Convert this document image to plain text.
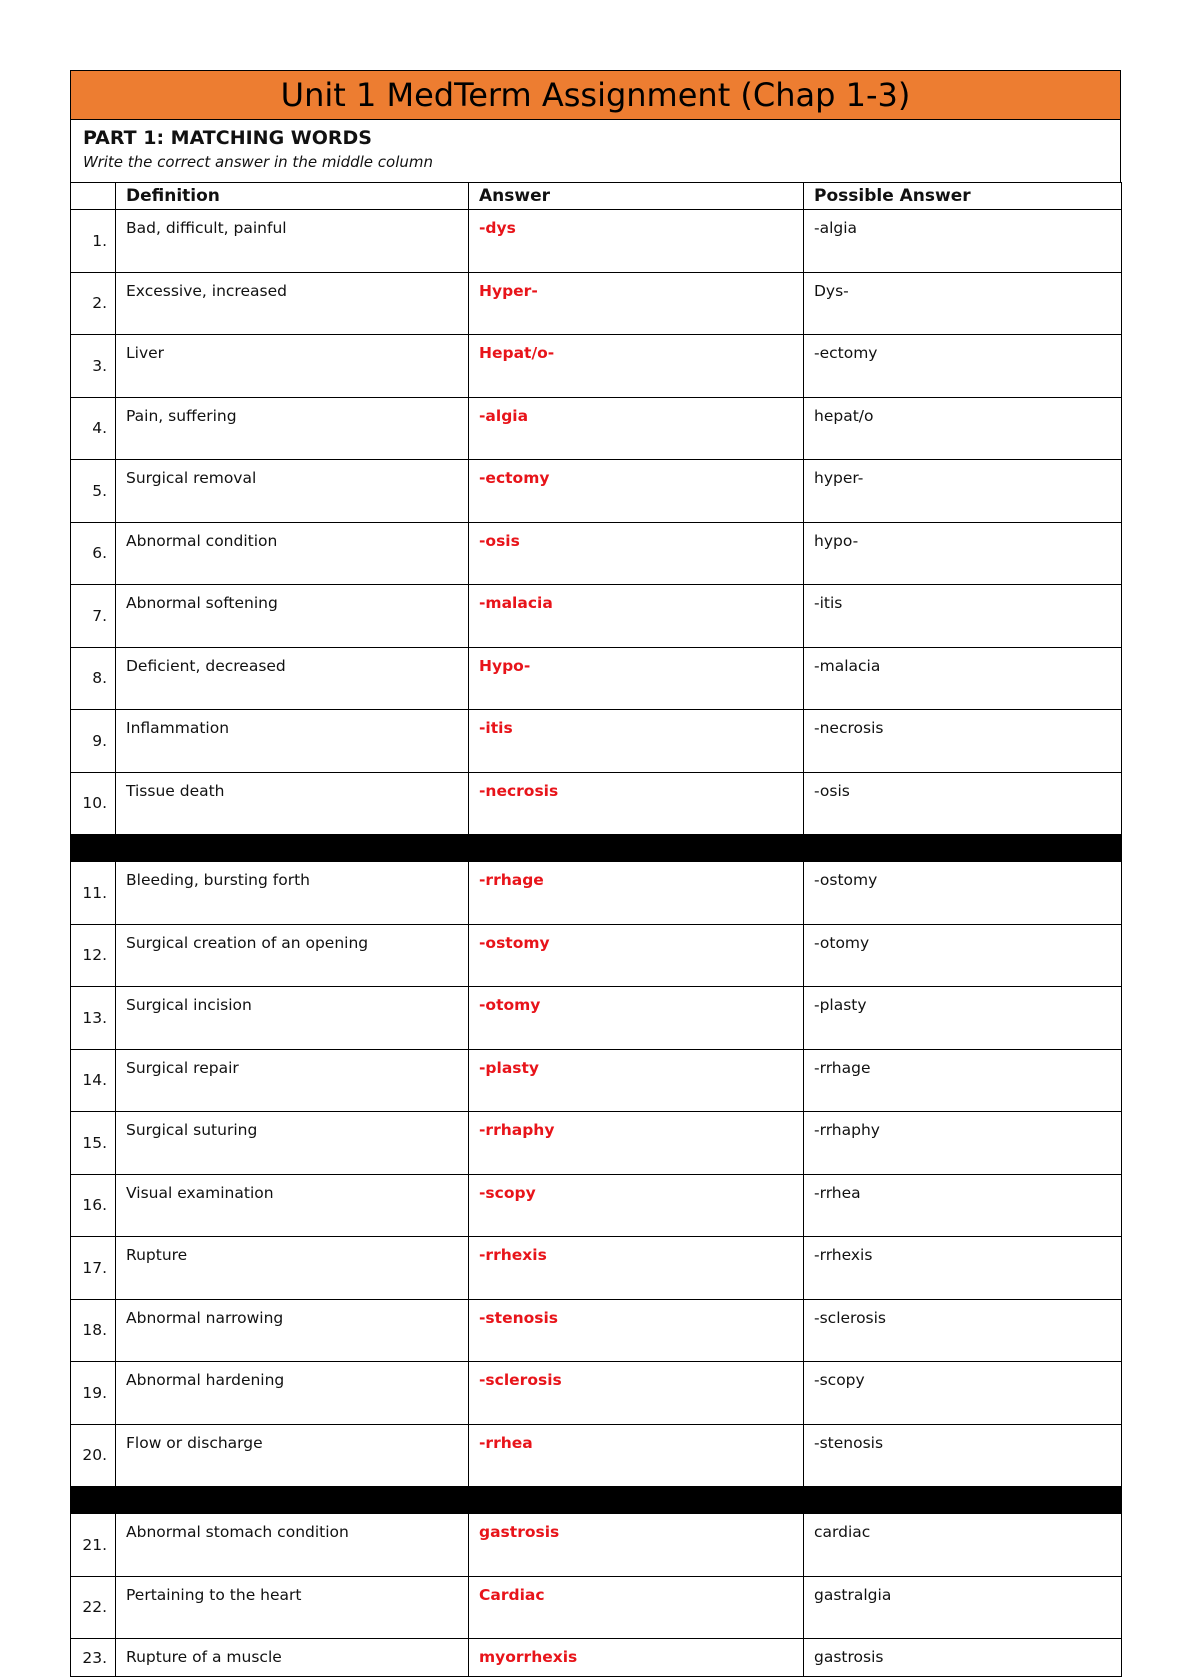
Unit 1 MedTerm Assignment (Chap 1-3)
PART 1: MATCHING WORDS
Write the correct answer in the middle column
	Definition	Answer	Possible Answer
1.	Bad, difficult, painful	-dys	-algia
2.	Excessive, increased	Hyper-	Dys-
3.	Liver	Hepat/o-	-ectomy
4.	Pain, suffering	-algia	hepat/o
5.	Surgical removal	-ectomy	hyper-
6.	Abnormal condition	-osis	hypo-
7.	Abnormal softening	-malacia	-itis
8.	Deficient, decreased	Hypo-	-malacia
9.	Inflammation	-itis	-necrosis
10.	Tissue death	-necrosis	-osis

11.	Bleeding, bursting forth	-rrhage	-ostomy
12.	Surgical creation of an opening	-ostomy	-otomy
13.	Surgical incision	-otomy	-plasty
14.	Surgical repair	-plasty	-rrhage
15.	Surgical suturing	-rrhaphy	-rrhaphy
16.	Visual examination	-scopy	-rrhea
17.	Rupture	-rrhexis	-rrhexis
18.	Abnormal narrowing	-stenosis	-sclerosis
19.	Abnormal hardening	-sclerosis	-scopy
20.	Flow or discharge	-rrhea	-stenosis

21.	Abnormal stomach condition	gastrosis	cardiac
22.	Pertaining to the heart	Cardiac	gastralgia
23.	Rupture of a muscle	myorrhexis	gastrosis
